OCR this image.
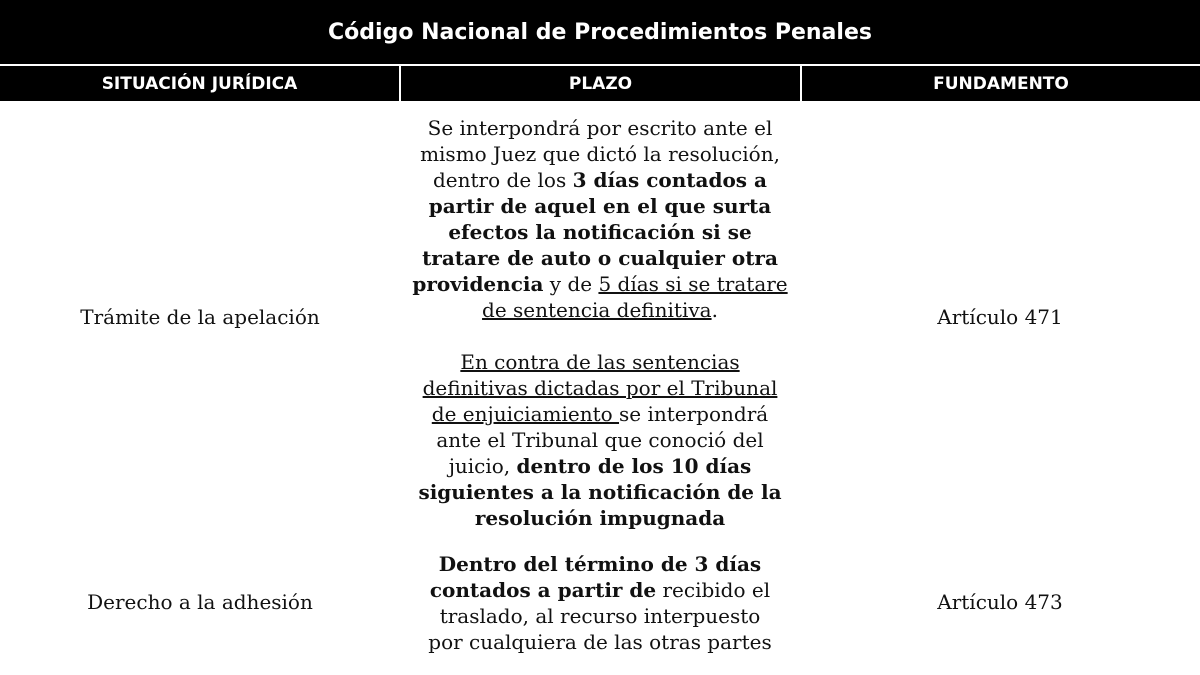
Código Nacional de Procedimientos Penales
SITUACIÓN JURÍDICA	PLAZO	FUNDAMENTO
Trámite de la apelación

Se interpondrá por escrito ante el mismo Juez que dictó la resolución, dentro de los 3 días contados a partir de aquel en el que surta efectos la notificación si se tratare de auto o cualquier otra providencia y de 5 días si se tratare de sentencia definitiva.

En contra de las sentencias definitivas dictadas por el Tribunal de enjuiciamiento se interpondrá ante el Tribunal que conoció del juicio, dentro de los 10 días siguientes a la notificación de la resolución impugnada

Artículo 471
Derecho a la adhesión

Dentro del término de 3 días contados a partir de recibido el traslado, al recurso interpuesto por cualquiera de las otras partes

Artículo 473
